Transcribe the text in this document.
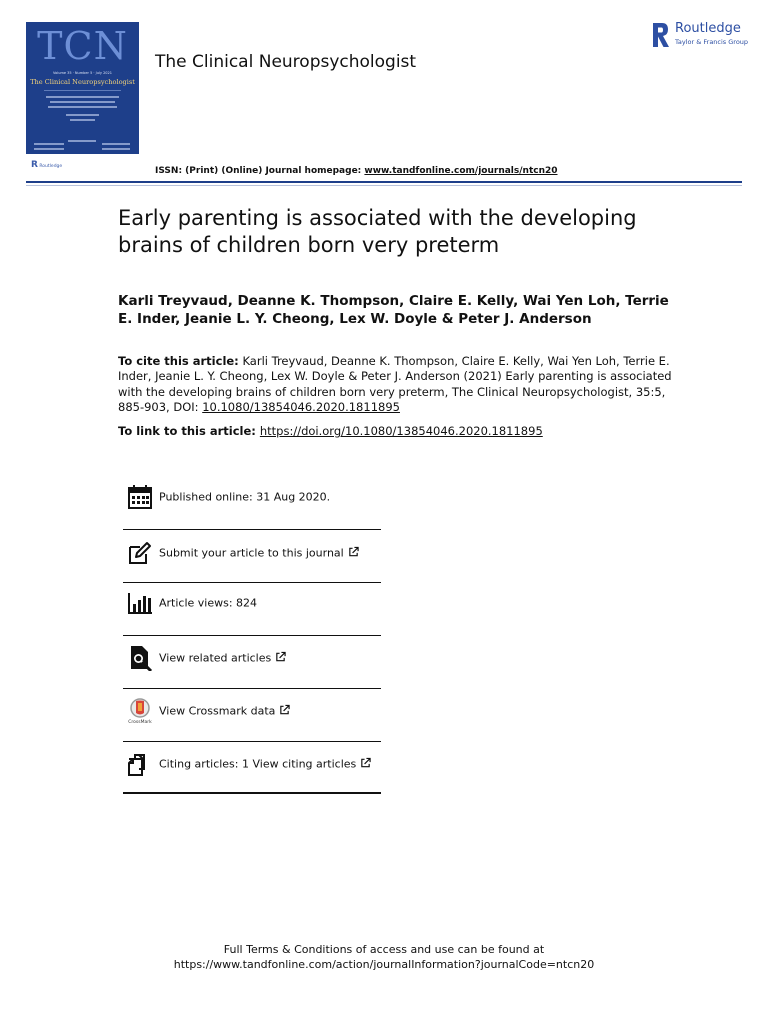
TCN
Volume 35 · Number 5 · July 2021
The Clinical Neuropsychologist
R Routledge
The Clinical Neuropsychologist
Routledge
Taylor & Francis Group
ISSN: (Print) (Online) Journal homepage: www.tandfonline.com/journals/ntcn20
Early parenting is associated with the developing brains of children born very preterm
Karli Treyvaud, Deanne K. Thompson, Claire E. Kelly, Wai Yen Loh, Terrie E. Inder, Jeanie L. Y. Cheong, Lex W. Doyle & Peter J. Anderson
To cite this article: Karli Treyvaud, Deanne K. Thompson, Claire E. Kelly, Wai Yen Loh, Terrie E. Inder, Jeanie L. Y. Cheong, Lex W. Doyle & Peter J. Anderson (2021) Early parenting is associated with the developing brains of children born very preterm, The Clinical Neuropsychologist, 35:5, 885-903, DOI: 10.1080/13854046.2020.1811895
To link to this article: https://doi.org/10.1080/13854046.2020.1811895
Published online: 31 Aug 2020.
Submit your article to this journal
Article views: 824
View related articles
CrossMark
View Crossmark data
Citing articles: 1 View citing articles
Full Terms & Conditions of access and use can be found at
https://www.tandfonline.com/action/journalInformation?journalCode=ntcn20
